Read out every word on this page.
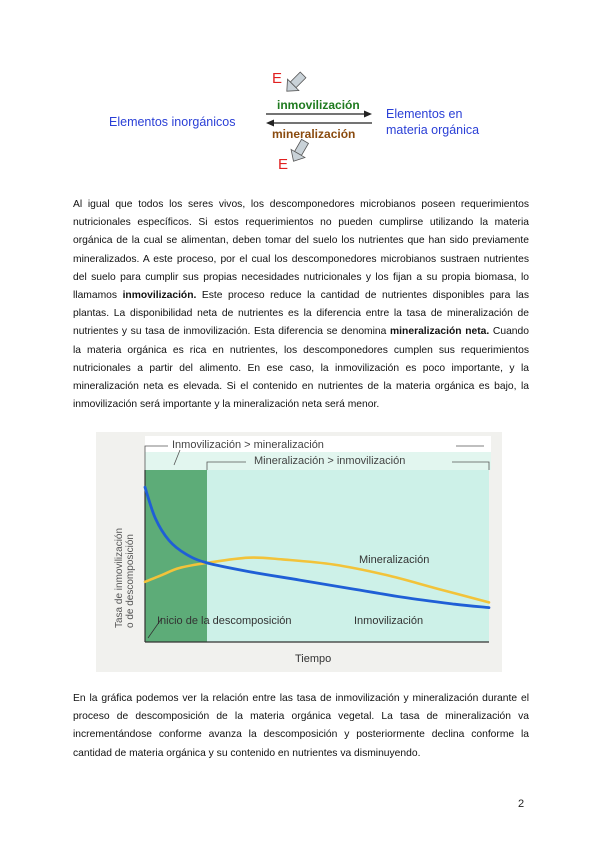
E
E
Elementos inorgánicos
inmovilización
mineralización
Elementos en
materia orgánica

Al igual que todos los seres vivos, los descomponedores microbianos poseen requerimientos nutricionales específicos. Si estos requerimientos no pueden cumplirse utilizando la materia orgánica de la cual se alimentan, deben tomar del suelo los nutrientes que han sido previamente mineralizados. A este proceso, por el cual los descomponedores microbianos sustraen nutrientes del suelo para cumplir sus propias necesidades nutricionales y los fijan a su propia biomasa, lo llamamos inmovilización. Este proceso reduce la cantidad de nutrientes disponibles para las plantas. La disponibilidad neta de nutrientes es la diferencia entre la tasa de mineralización de nutrientes y su tasa de inmovilización. Esta diferencia se denomina mineralización neta. Cuando la materia orgánica es rica en nutrientes, los descomponedores cumplen sus requerimientos nutricionales a partir del alimento. En ese caso, la inmovilización es poco importante, y la mineralización neta es elevada. Si el contenido en nutrientes de la materia orgánica es bajo, la inmovilización será importante y la mineralización neta será menor.

Inmovilización > mineralización
Mineralización > inmovilización
Mineralización
Inmovilización
Inicio de la descomposición
Tiempo
Tasa de inmovilización o de descomposición

En la gráfica podemos ver la relación entre las tasa de inmovilización y mineralización durante el proceso de descomposición de la materia orgánica vegetal. La tasa de mineralización va incrementándose conforme avanza la descomposición y posteriormente declina conforme la cantidad de materia orgánica y su contenido en nutrientes va disminuyendo.

2
